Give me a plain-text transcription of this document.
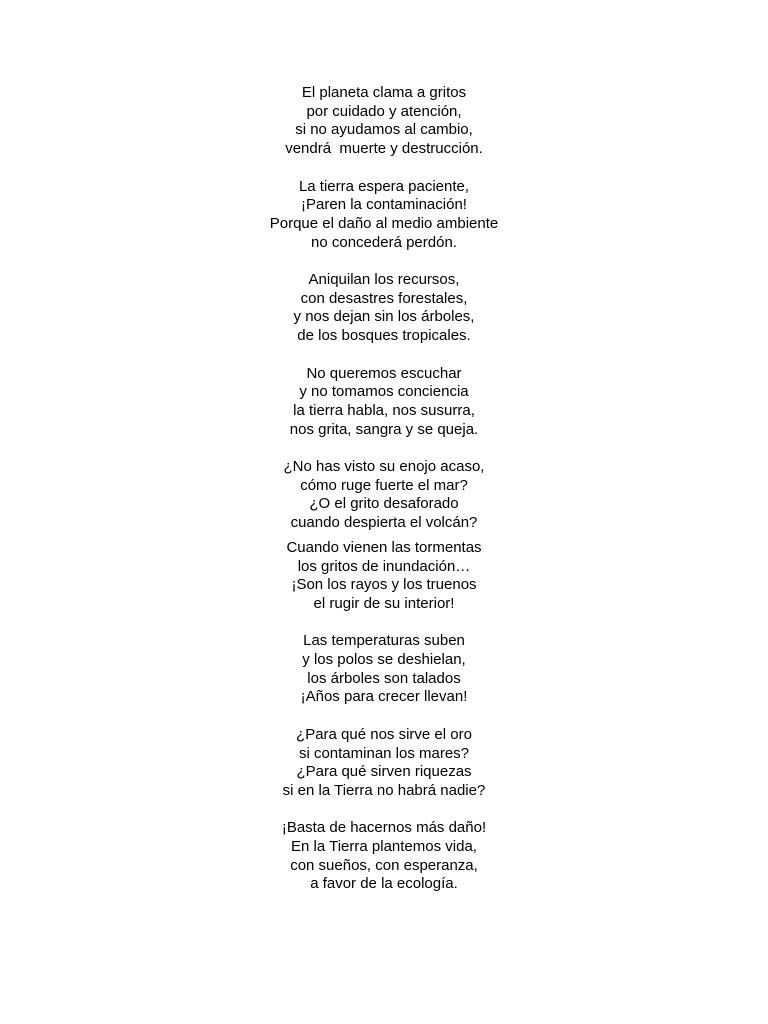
El planeta clama a gritos
por cuidado y atención,
si no ayudamos al cambio,
vendrá  muerte y destrucción.
La tierra espera paciente,
¡Paren la contaminación!
Porque el daño al medio ambiente
no concederá perdón.
Aniquilan los recursos,
con desastres forestales,
y nos dejan sin los árboles,
de los bosques tropicales.
No queremos escuchar
y no tomamos conciencia
la tierra habla, nos susurra,
nos grita, sangra y se queja.
¿No has visto su enojo acaso,
cómo ruge fuerte el mar?
¿O el grito desaforado
cuando despierta el volcán?
Cuando vienen las tormentas
los gritos de inundación…
¡Son los rayos y los truenos
el rugir de su interior!
Las temperaturas suben
y los polos se deshielan,
los árboles son talados
¡Años para crecer llevan!
¿Para qué nos sirve el oro
si contaminan los mares?
¿Para qué sirven riquezas
si en la Tierra no habrá nadie?
¡Basta de hacernos más daño!
En la Tierra plantemos vida,
con sueños, con esperanza,
a favor de la ecología.
